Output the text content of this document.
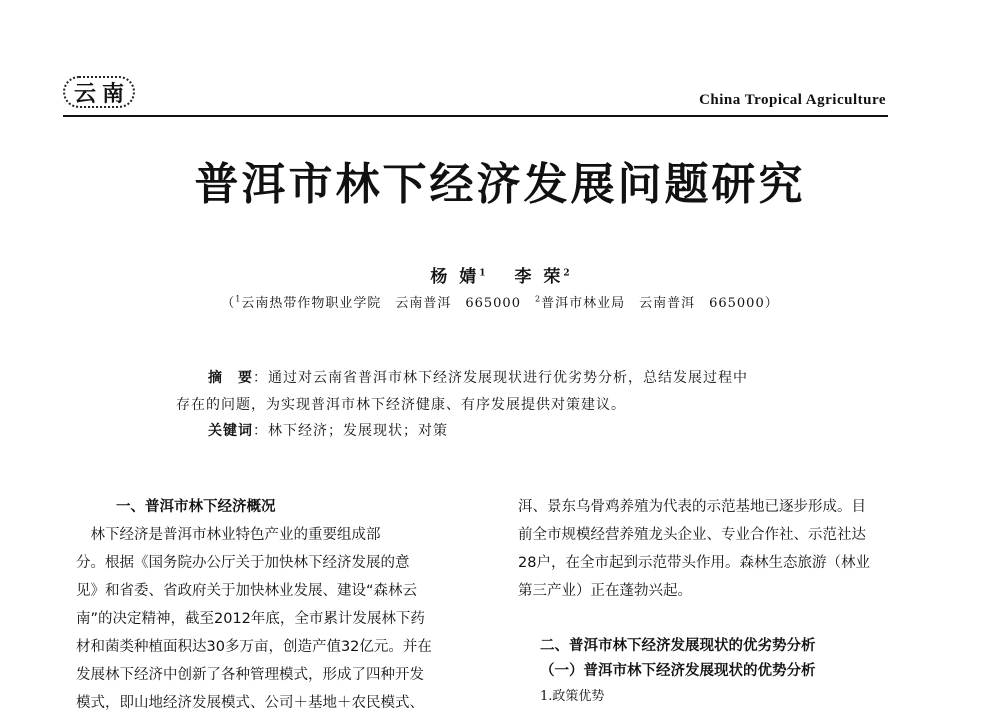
云南	China Tropical Agriculture
普洱市林下经济发展问题研究
杨 婧$^1$　 李 荣$^2$
（$^1$云南热带作物职业学院　云南普洱　665000　 $^2$普洱市林业局　云南普洱　665000）
摘　要：通过对云南省普洱市林下经济发展现状进行优劣势分析，总结发展过程中
存在的问题，为实现普洱市林下经济健康、有序发展提供对策建议。
关键词：林下经济；发展现状；对策

一、普洱市林下经济概况

　林下经济是普洱市林业特色产业的重要组成部

分。根据《国务院办公厅关于加快林下经济发展的意

见》和省委、省政府关于加快林业发展、建设“森林云

南”的决定精神，截至2012年底，全市累计发展林下药

材和菌类种植面积达30多万亩，创造产值32亿元。并在

发展林下经济中创新了各种管理模式，形成了四种开发

模式，即山地经济发展模式、公司＋基地＋农民模式、

洱、景东乌骨鸡养殖为代表的示范基地已逐步形成。目

前全市规模经营养殖龙头企业、专业合作社、示范社达

28户，在全市起到示范带头作用。森林生态旅游（林业

第三产业）正在蓬勃兴起。

二、普洱市林下经济发展现状的优劣势分析
（一）普洱市林下经济发展现状的优势分析
1.政策优势
